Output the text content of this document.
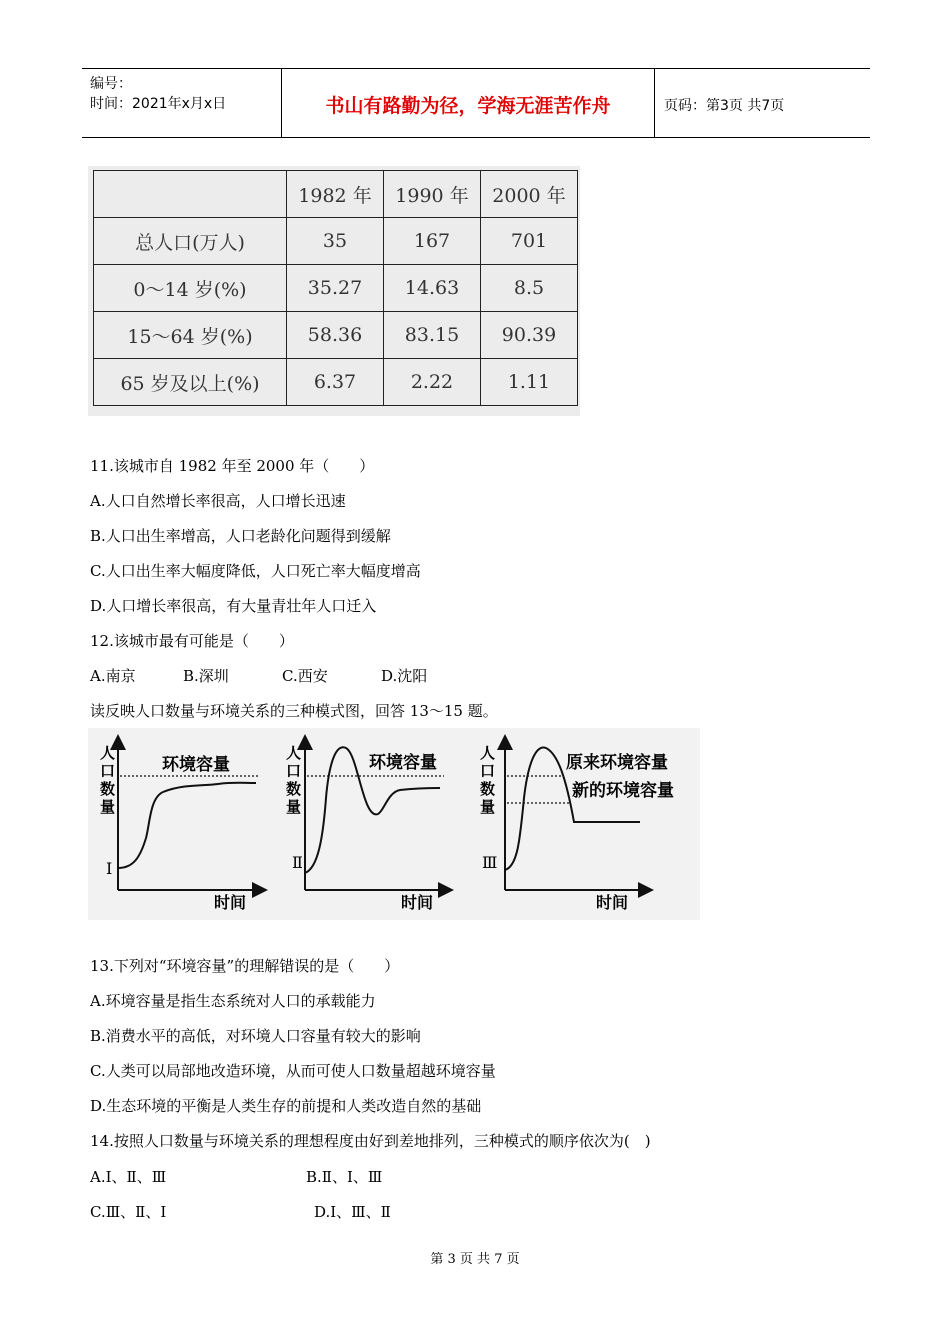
编号：
时间：2021年x月x日	书山有路勤为径，学海无涯苦作舟	页码：第3页 共7页
	1982 年	1990 年	2000 年
总人口(万人)	35	167	701
0～14 岁(%)	35.27	14.63	8.5
15～64 岁(%)	58.36	83.15	90.39
65 岁及以上(%)	6.37	2.22	1.11
11.该城市自 1982 年至 2000 年（　　）
A.人口自然增长率很高，人口增长迅速
B.人口出生率增高，人口老龄化问题得到缓解
C.人口出生率大幅度降低，人口死亡率大幅度增高
D.人口增长率很高，有大量青壮年人口迁入
12.该城市最有可能是（　　）
A.南京	B.深圳	C.西安	D.沈阳
读反映人口数量与环境关系的三种模式图，回答 13～15 题。
环境容量
人
口
数
量
Ⅰ
时间
环境容量
人
口
数
量
Ⅱ
时间
原来环境容量
新的环境容量
人
口
数
量
Ⅲ
时间
13.下列对“环境容量”的理解错误的是（　　）
A.环境容量是指生态系统对人口的承载能力
B.消费水平的高低，对环境人口容量有较大的影响
C.人类可以局部地改造环境，从而可使人口数量超越环境容量
D.生态环境的平衡是人类生存的前提和人类改造自然的基础
14.按照人口数量与环境关系的理想程度由好到差地排列，三种模式的顺序依次为(　)
A.Ⅰ、Ⅱ、Ⅲ	B.Ⅱ、Ⅰ、Ⅲ
C.Ⅲ、Ⅱ、Ⅰ	D.Ⅰ、Ⅲ、Ⅱ
第 3 页 共 7 页
